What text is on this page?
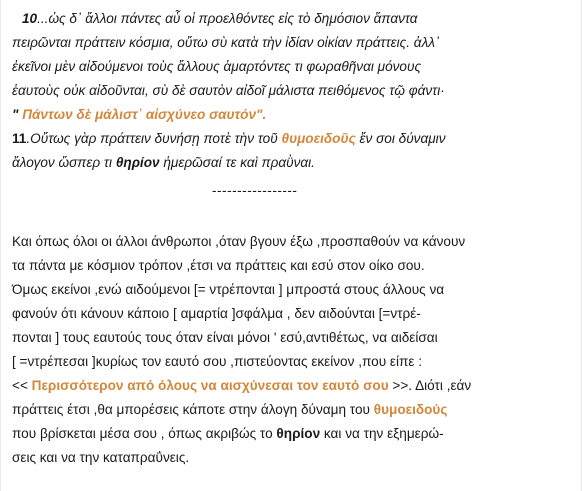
10...ὡς δ᾽ ἄλλοι πάντες αὖ οἱ προελθόντες εἰς τὸ δημόσιον ἅπαντα
πειρῶνται πράττειν κόσμια, οὕτω σὺ κατὰ τὴν ἰδίαν οἰκίαν πράττεις. ἀλλ᾽
ἐκεῖνοι μὲν αἰδούμενοι τοὺς ἄλλους ἁμαρτόντες τι φωραθῆναι μόνους
ἑαυτοὺς οὐκ αἰδοῦνται, σὺ δὲ σαυτὸν αἰδοῖ μάλιστα πειθόμενος τῷ φάντι·
" Πάντων δὲ μάλιστ᾽ αἰσχύνεο σαυτόν".
11.Οὕτως γὰρ πράττειν δυνήσῃ ποτὲ τὴν τοῦ θυμοειδοῦς ἔν σοι δύναμιν
ἄλογον ὥσπερ τι θηρίον ἡμερῶσαί τε καὶ πραῢναι.
-----------------
Και όπως όλοι οι άλλοι άνθρωποι ,όταν βγουν έξω ,προσπαθούν να κάνουν
τα πάντα με κόσμιον τρόπον ,έτσι να πράττεις και εσύ στον οίκο σου.
Όμως εκείνοι ,ενώ αιδούμενοι [= ντρέπονται ] μπροστά στους άλλους να
φανούν ότι κάνουν κάποιο [ αμαρτία ]σφάλμα , δεν αιδούνται [=ντρέ-
πονται ] τους εαυτούς τους όταν είναι μόνοι ' εσύ,αντιθέτως, να αιδείσαι
[ =ντρέπεσαι ]κυρίως τον εαυτό σου ,πιστεύοντας εκείνον ,που είπε :
<< Περισσότερον από όλους να αισχύνεσαι τον εαυτό σου >>. Διότι ,εάν
πράττεις έτσι ,θα μπορέσεις κάποτε στην άλογη δύναμη του θυμοειδούς
που βρίσκεται μέσα σου , όπως ακριβώς το θηρίον και να την εξημερώ-
σεις και να την καταπραΰνεις.
